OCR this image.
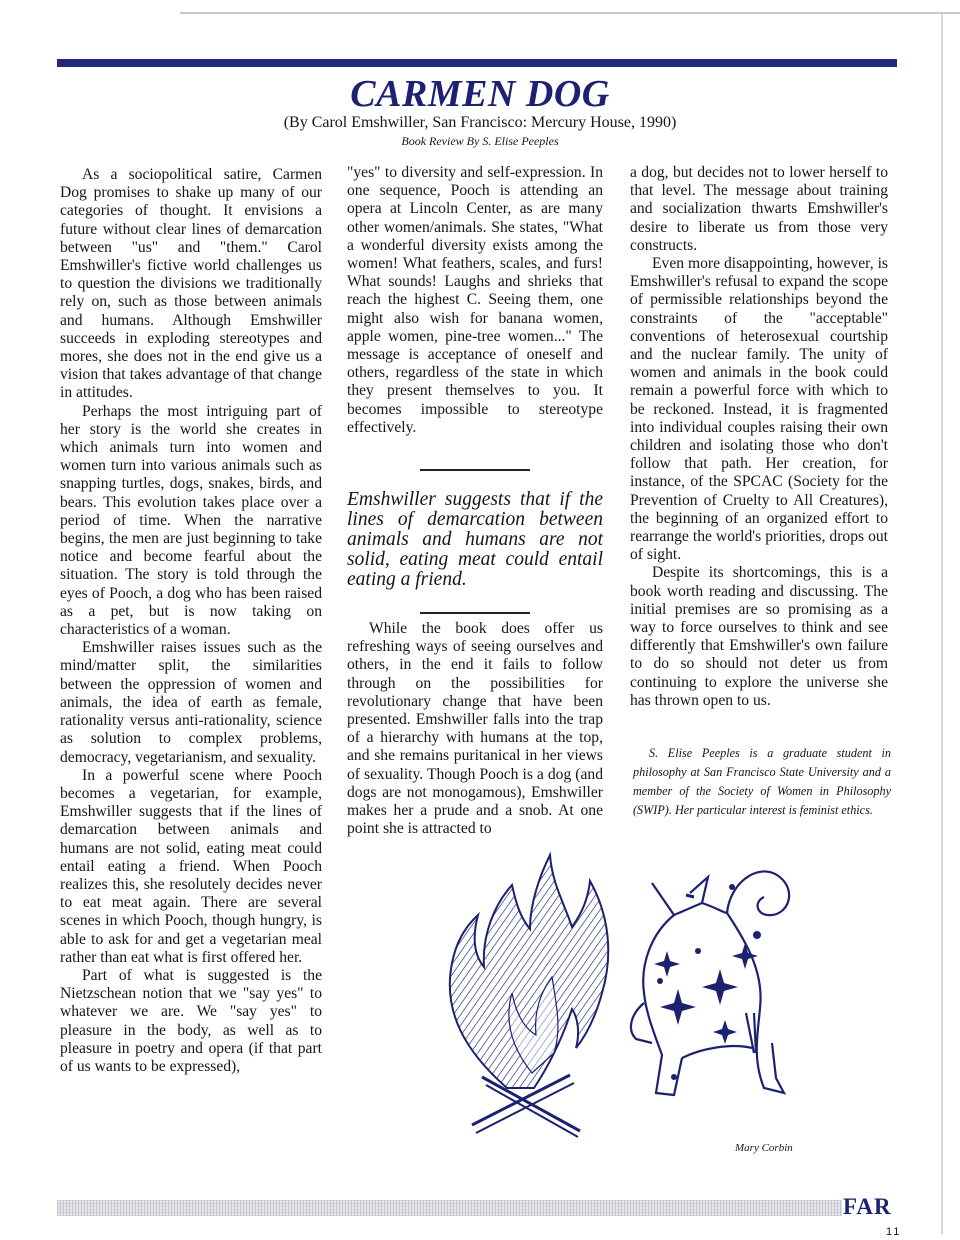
CARMEN DOG
(By Carol Emshwiller, San Francisco: Mercury House, 1990)
Book Review By S. Elise Peeples

As a sociopolitical satire, Carmen Dog promises to shake up many of our categories of thought. It envisions a future without clear lines of demarcation between "us" and "them." Carol Emshwiller's fictive world challenges us to question the divisions we traditionally rely on, such as those between animals and humans. Although Emshwiller succeeds in exploding stereotypes and mores, she does not in the end give us a vision that takes advantage of that change in attitudes.

Perhaps the most intriguing part of her story is the world she creates in which animals turn into women and women turn into various animals such as snapping turtles, dogs, snakes, birds, and bears. This evolution takes place over a period of time. When the narrative begins, the men are just beginning to take notice and become fearful about the situation. The story is told through the eyes of Pooch, a dog who has been raised as a pet, but is now taking on characteristics of a woman.

Emshwiller raises issues such as the mind/matter split, the similarities between the oppression of women and animals, the idea of earth as female, rationality versus anti-rationality, science as solution to complex problems, democracy, vegetarianism, and sexuality.

In a powerful scene where Pooch becomes a vegetarian, for example, Emshwiller suggests that if the lines of demarcation between animals and humans are not solid, eating meat could entail eating a friend. When Pooch realizes this, she resolutely decides never to eat meat again. There are several scenes in which Pooch, though hungry, is able to ask for and get a vegetarian meal rather than eat what is first offered her.

Part of what is suggested is the Nietzschean notion that we "say yes" to whatever we are. We "say yes" to pleasure in the body, as well as to pleasure in poetry and opera (if that part of us wants to be expressed),

"yes" to diversity and self-expression. In one sequence, Pooch is attending an opera at Lincoln Center, as are many other women/animals. She states, "What a wonderful diversity exists among the women! What feathers, scales, and furs! What sounds! Laughs and shrieks that reach the highest C. Seeing them, one might also wish for banana women, apple women, pine-tree women..." The message is acceptance of oneself and others, regardless of the state in which they present themselves to you. It becomes impossible to stereotype effectively.

Emshwiller suggests that if the lines of demarcation between animals and humans are not solid, eating meat could entail eating a friend.

While the book does offer us refreshing ways of seeing ourselves and others, in the end it fails to follow through on the possibilities for revolutionary change that have been presented. Emshwiller falls into the trap of a hierarchy with humans at the top, and she remains puritanical in her views of sexuality. Though Pooch is a dog (and dogs are not monogamous), Emshwiller makes her a prude and a snob. At one point she is attracted to

a dog, but decides not to lower herself to that level. The message about training and socialization thwarts Emshwiller's desire to liberate us from those very constructs.

Even more disappointing, however, is Emshwiller's refusal to expand the scope of permissible relationships beyond the constraints of the "acceptable" conventions of heterosexual courtship and the nuclear family. The unity of women and animals in the book could remain a powerful force with which to be reckoned. Instead, it is fragmented into individual couples raising their own children and isolating those who don't follow that path. Her creation, for instance, of the SPCAC (Society for the Prevention of Cruelty to All Creatures), the beginning of an organized effort to rearrange the world's priorities, drops out of sight.

Despite its shortcomings, this is a book worth reading and discussing. The initial premises are so promising as a way to force ourselves to think and see differently that Emshwiller's own failure to do so should not deter us from continuing to explore the universe she has thrown open to us.

S. Elise Peeples is a graduate student in philosophy at San Francisco State University and a member of the Society of Women in Philosophy (SWIP). Her particular interest is feminist ethics.

Mary Corbin
FAR
11
